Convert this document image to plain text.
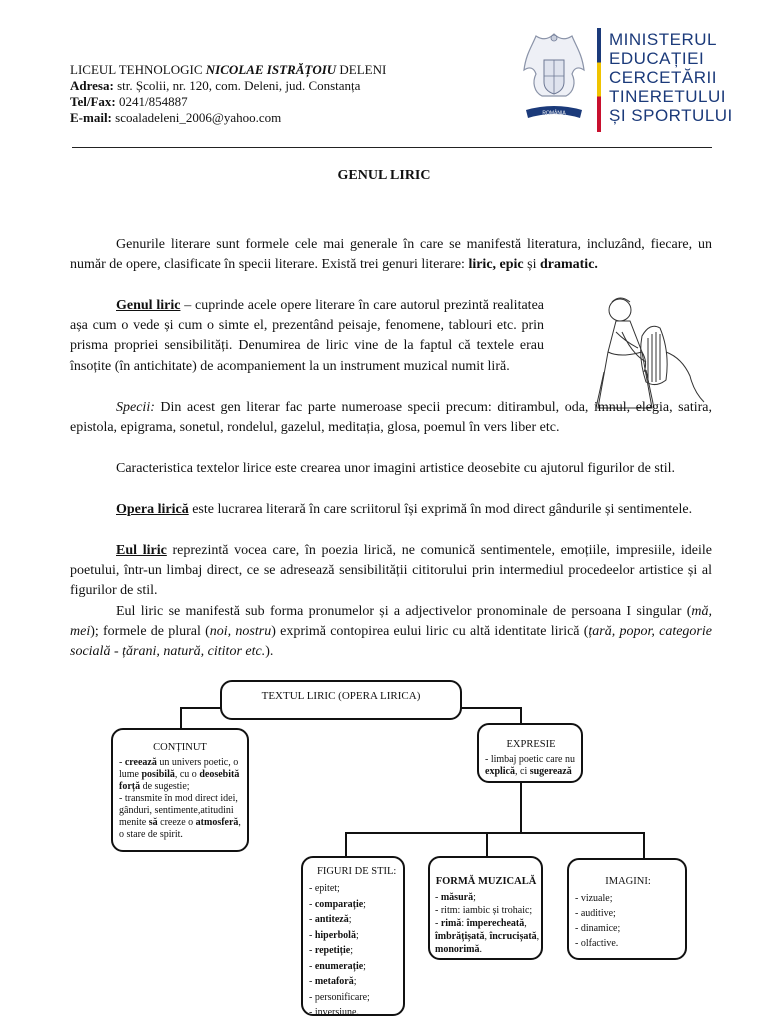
LICEUL TEHNOLOGIC NICOLAE ISTRĂȚOIU DELENI
Adresa: str. Școlii, nr. 120, com. Deleni, jud. Constanța
Tel/Fax: 0241/854887
E-mail: scoaladeleni_2006@yahoo.com	ROMÂNIA
MINISTERUL
EDUCAȚIEI
CERCETĂRII
TINERETULUI
ȘI SPORTULUI
GENUL LIRIC
Genurile literare sunt formele cele mai generale în care se manifestă literatura, incluzând, fiecare, un număr de opere, clasificate în specii literare. Există trei genuri literare: liric, epic și dramatic.
Genul liric – cuprinde acele opere literare în care autorul prezintă realitatea așa cum o vede și cum o simte el, prezentând peisaje, fenomene, tablouri etc. prin prisma propriei sensibilități. Denumirea de liric vine de la faptul că textele erau însoțite (în antichitate) de acompaniement la un instrument muzical numit liră.
Specii: Din acest gen literar fac parte numeroase specii precum: ditirambul, oda, imnul, elegia, satira, epistola, epigrama, sonetul, rondelul, gazelul, meditația, glosa, poemul în vers liber etc.
Caracteristica textelor lirice este crearea unor imagini artistice deosebite cu ajutorul figurilor de stil.
Opera lirică este lucrarea literară în care scriitorul își exprimă în mod direct gândurile și sentimentele.
Eul liric reprezintă vocea care, în poezia lirică, ne comunică sentimentele, emoțiile, impresiile, ideile poetului, într-un limbaj direct, ce se adresează sensibilității cititorului prin intermediul procedeelor artistice și al figurilor de stil.
Eul liric se manifestă sub forma pronumelor și a adjectivelor pronominale de persoana I singular (mă, mei); formele de plural (noi, nostru) exprimă contopirea eului liric cu altă identitate lirică (țară, popor, categorie socială - țărani, natură, cititor etc.).
TEXTUL LIRIC (OPERA LIRICA)
CONȚINUT
- creează un univers poetic, o
lume posibilă, cu o deosebită
forță de sugestie;
- transmite în mod direct idei,
gânduri, sentimente,atitudini
menite să creeze o atmosferă,
o stare de spirit.
EXPRESIE
- limbaj poetic care nu
explică, ci sugerează
FIGURI DE STIL:
- epitet;
- comparație;
- antiteză;
- hiperbolă;
- repetiție;
- enumerație;
- metaforă;
- personificare;
- inversiune.
FORMĂ MUZICALĂ
- măsură;
- ritm: iambic și trohaic;
- rimă: împerecheată,
îmbrățișată, încrucișată,
monorimă.
IMAGINI:
- vizuale;
- auditive;
- dinamice;
- olfactive.
